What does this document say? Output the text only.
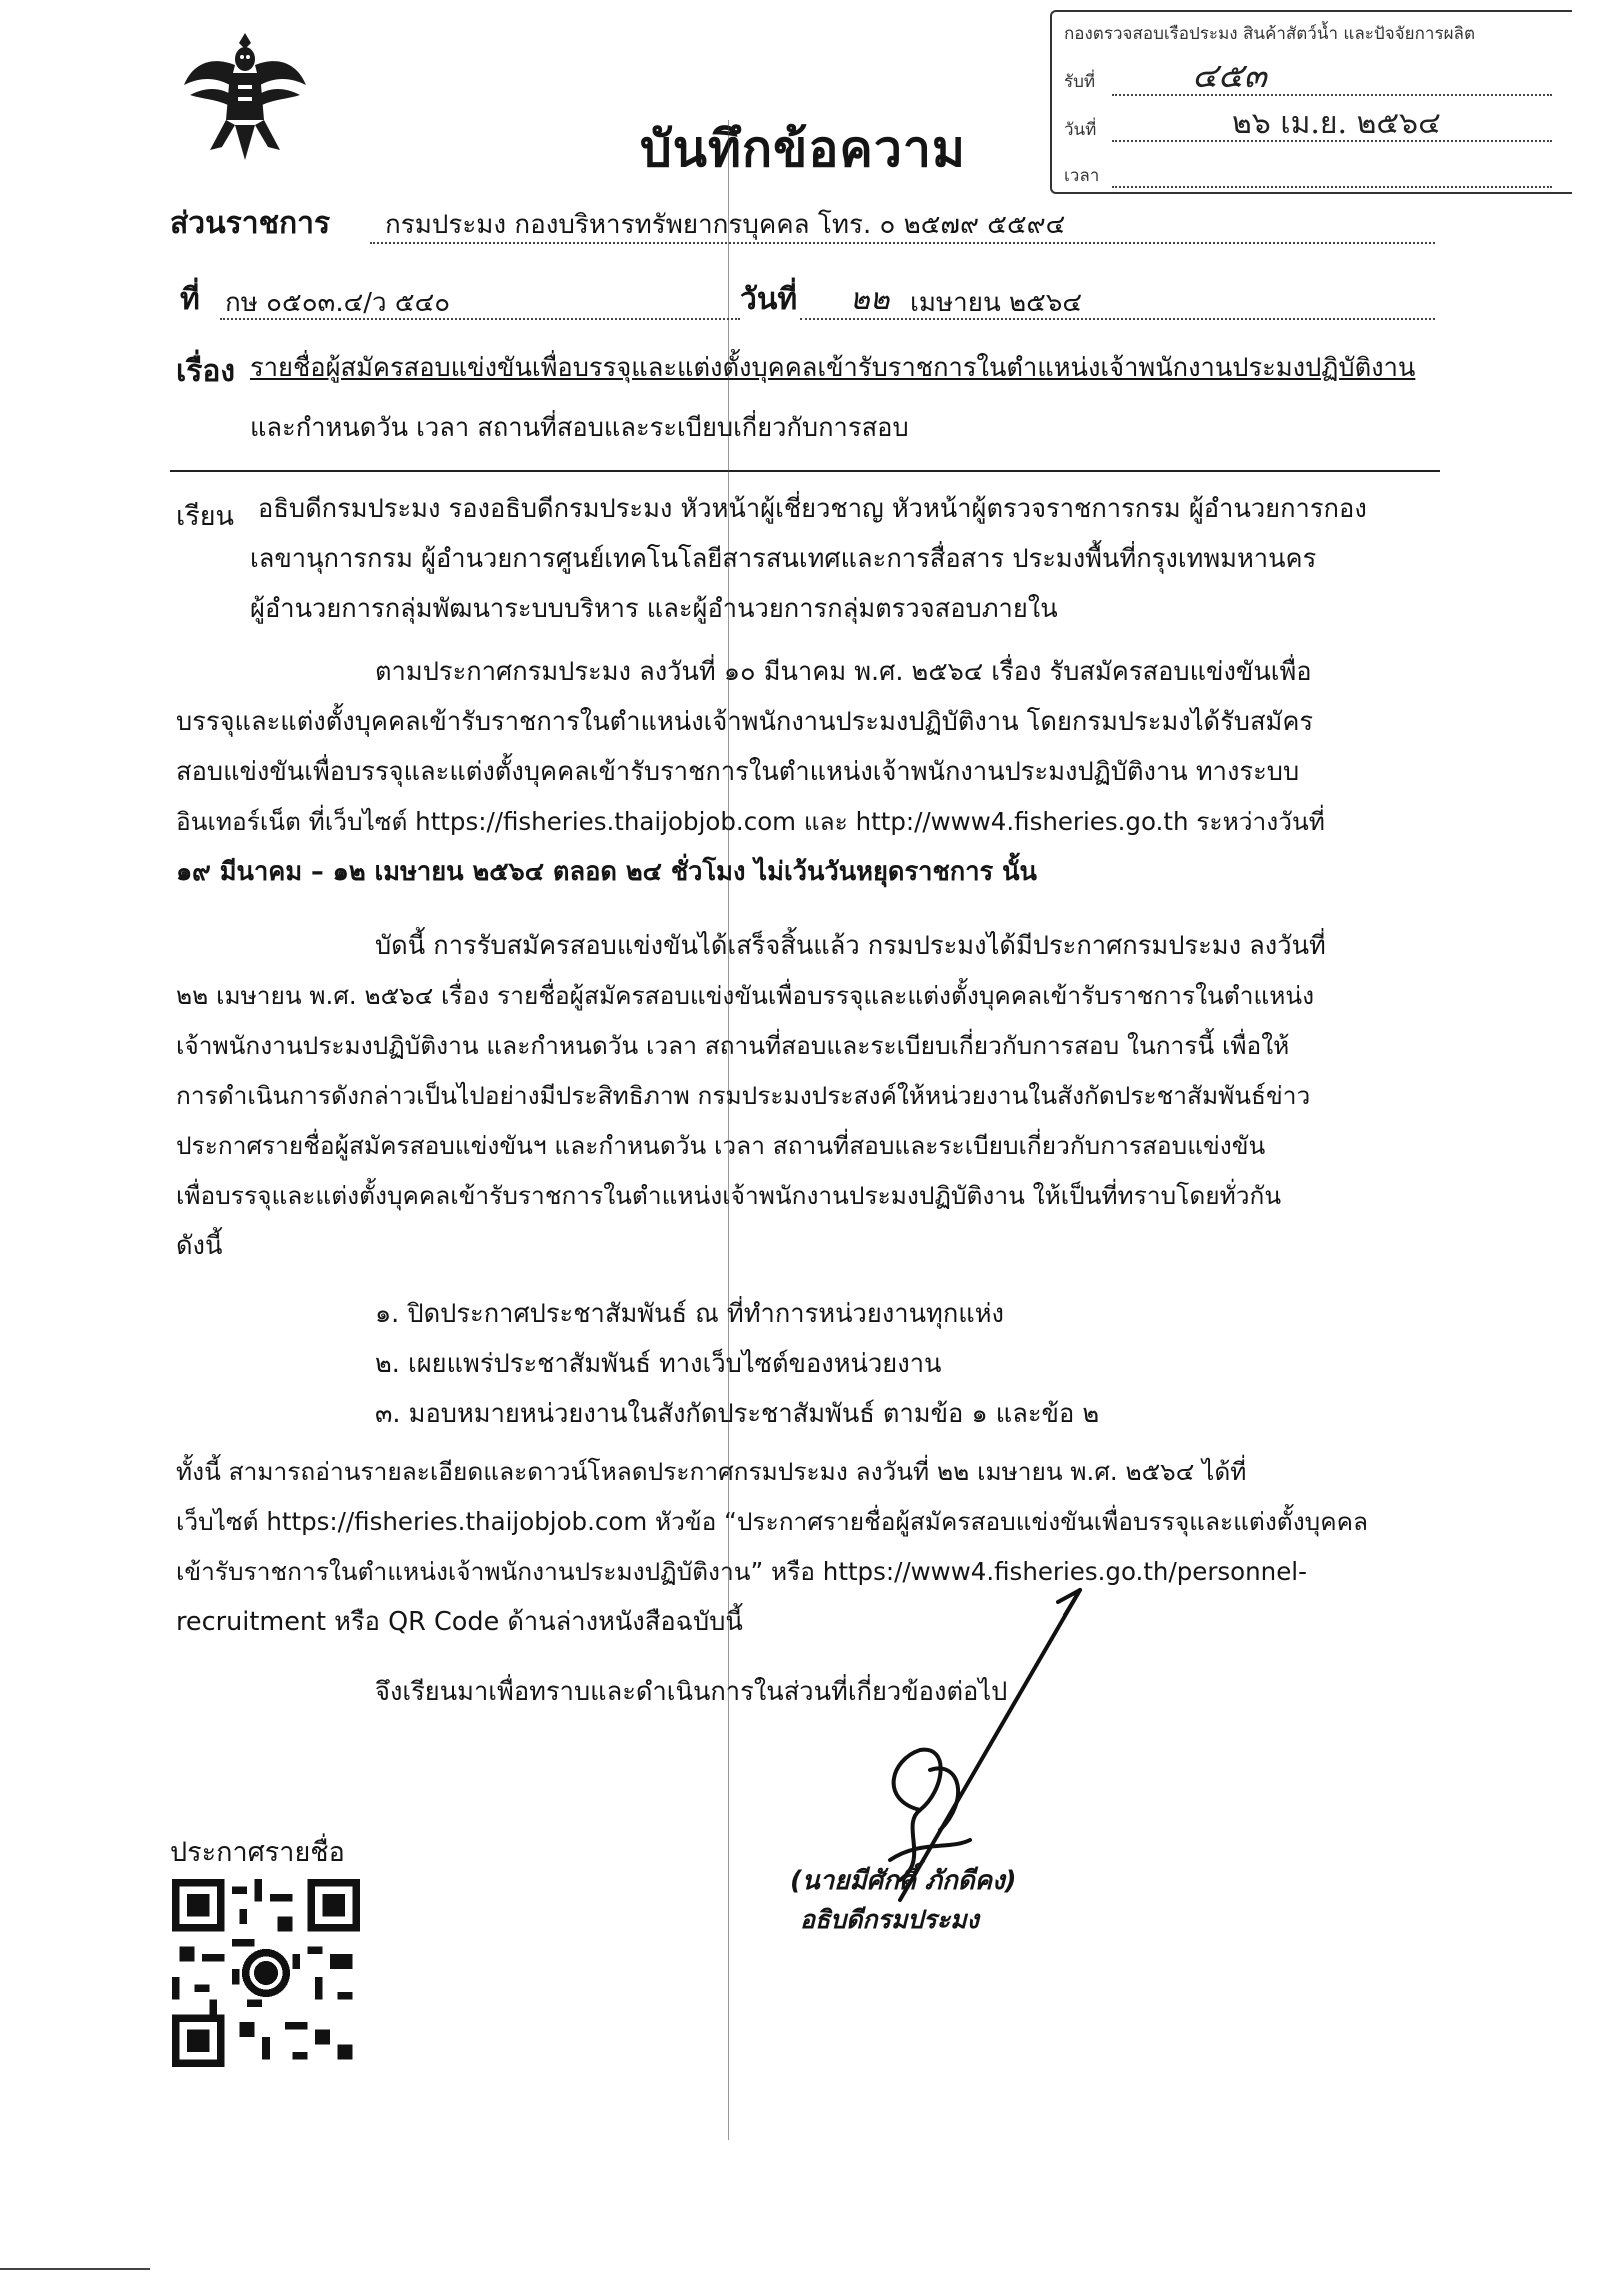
กองตรวจสอบเรือประมง สินค้าสัตว์น้ำ และปัจจัยการผลิต
รับที่	๔๕๓
วันที่	๒๖ เม.ย. ๒๕๖๔
เวลา
บันทึกข้อความ
ส่วนราชการ กรมประมง กองบริหารทรัพยากรบุคคล โทร. ๐ ๒๕๗๙ ๕๕๙๔
ที่ กษ ๐๕๐๓.๔/ว ๕๔๐	วันที่ ๒๒ เมษายน ๒๕๖๔
เรื่อง รายชื่อผู้สมัครสอบแข่งขันเพื่อบรรจุและแต่งตั้งบุคคลเข้ารับราชการในตำแหน่งเจ้าพนักงานประมงปฏิบัติงาน
และกำหนดวัน เวลา สถานที่สอบและระเบียบเกี่ยวกับการสอบ
เรียน อธิบดีกรมประมง รองอธิบดีกรมประมง หัวหน้าผู้เชี่ยวชาญ หัวหน้าผู้ตรวจราชการกรม ผู้อำนวยการกอง
เลขานุการกรม ผู้อำนวยการศูนย์เทคโนโลยีสารสนเทศและการสื่อสาร ประมงพื้นที่กรุงเทพมหานคร
ผู้อำนวยการกลุ่มพัฒนาระบบบริหาร และผู้อำนวยการกลุ่มตรวจสอบภายใน
ตามประกาศกรมประมง ลงวันที่ ๑๐ มีนาคม พ.ศ. ๒๕๖๔ เรื่อง รับสมัครสอบแข่งขันเพื่อ
บรรจุและแต่งตั้งบุคคลเข้ารับราชการในตำแหน่งเจ้าพนักงานประมงปฏิบัติงาน โดยกรมประมงได้รับสมัคร
สอบแข่งขันเพื่อบรรจุและแต่งตั้งบุคคลเข้ารับราชการในตำแหน่งเจ้าพนักงานประมงปฏิบัติงาน ทางระบบ
อินเทอร์เน็ต ที่เว็บไซต์ https://fisheries.thaijobjob.com และ http://www4.fisheries.go.th ระหว่างวันที่
๑๙ มีนาคม – ๑๒ เมษายน ๒๕๖๔ ตลอด ๒๔ ชั่วโมง ไม่เว้นวันหยุดราชการ นั้น
บัดนี้ การรับสมัครสอบแข่งขันได้เสร็จสิ้นแล้ว กรมประมงได้มีประกาศกรมประมง ลงวันที่
๒๒ เมษายน พ.ศ. ๒๕๖๔ เรื่อง รายชื่อผู้สมัครสอบแข่งขันเพื่อบรรจุและแต่งตั้งบุคคลเข้ารับราชการในตำแหน่ง
เจ้าพนักงานประมงปฏิบัติงาน และกำหนดวัน เวลา สถานที่สอบและระเบียบเกี่ยวกับการสอบ ในการนี้ เพื่อให้
การดำเนินการดังกล่าวเป็นไปอย่างมีประสิทธิภาพ กรมประมงประสงค์ให้หน่วยงานในสังกัดประชาสัมพันธ์ข่าว
ประกาศรายชื่อผู้สมัครสอบแข่งขันฯ และกำหนดวัน เวลา สถานที่สอบและระเบียบเกี่ยวกับการสอบแข่งขัน
เพื่อบรรจุและแต่งตั้งบุคคลเข้ารับราชการในตำแหน่งเจ้าพนักงานประมงปฏิบัติงาน ให้เป็นที่ทราบโดยทั่วกัน
ดังนี้
๑. ปิดประกาศประชาสัมพันธ์ ณ ที่ทำการหน่วยงานทุกแห่ง
๒. เผยแพร่ประชาสัมพันธ์ ทางเว็บไซต์ของหน่วยงาน
๓. มอบหมายหน่วยงานในสังกัดประชาสัมพันธ์ ตามข้อ ๑ และข้อ ๒
ทั้งนี้ สามารถอ่านรายละเอียดและดาวน์โหลดประกาศกรมประมง ลงวันที่ ๒๒ เมษายน พ.ศ. ๒๕๖๔ ได้ที่
เว็บไซต์ https://fisheries.thaijobjob.com หัวข้อ “ประกาศรายชื่อผู้สมัครสอบแข่งขันเพื่อบรรจุและแต่งตั้งบุคคล
เข้ารับราชการในตำแหน่งเจ้าพนักงานประมงปฏิบัติงาน” หรือ https://www4.fisheries.go.th/personnel-
recruitment หรือ QR Code ด้านล่างหนังสือฉบับนี้
จึงเรียนมาเพื่อทราบและดำเนินการในส่วนที่เกี่ยวข้องต่อไป
(นายมีศักดิ์ ภักดีคง)
อธิบดีกรมประมง
ประกาศรายชื่อ
